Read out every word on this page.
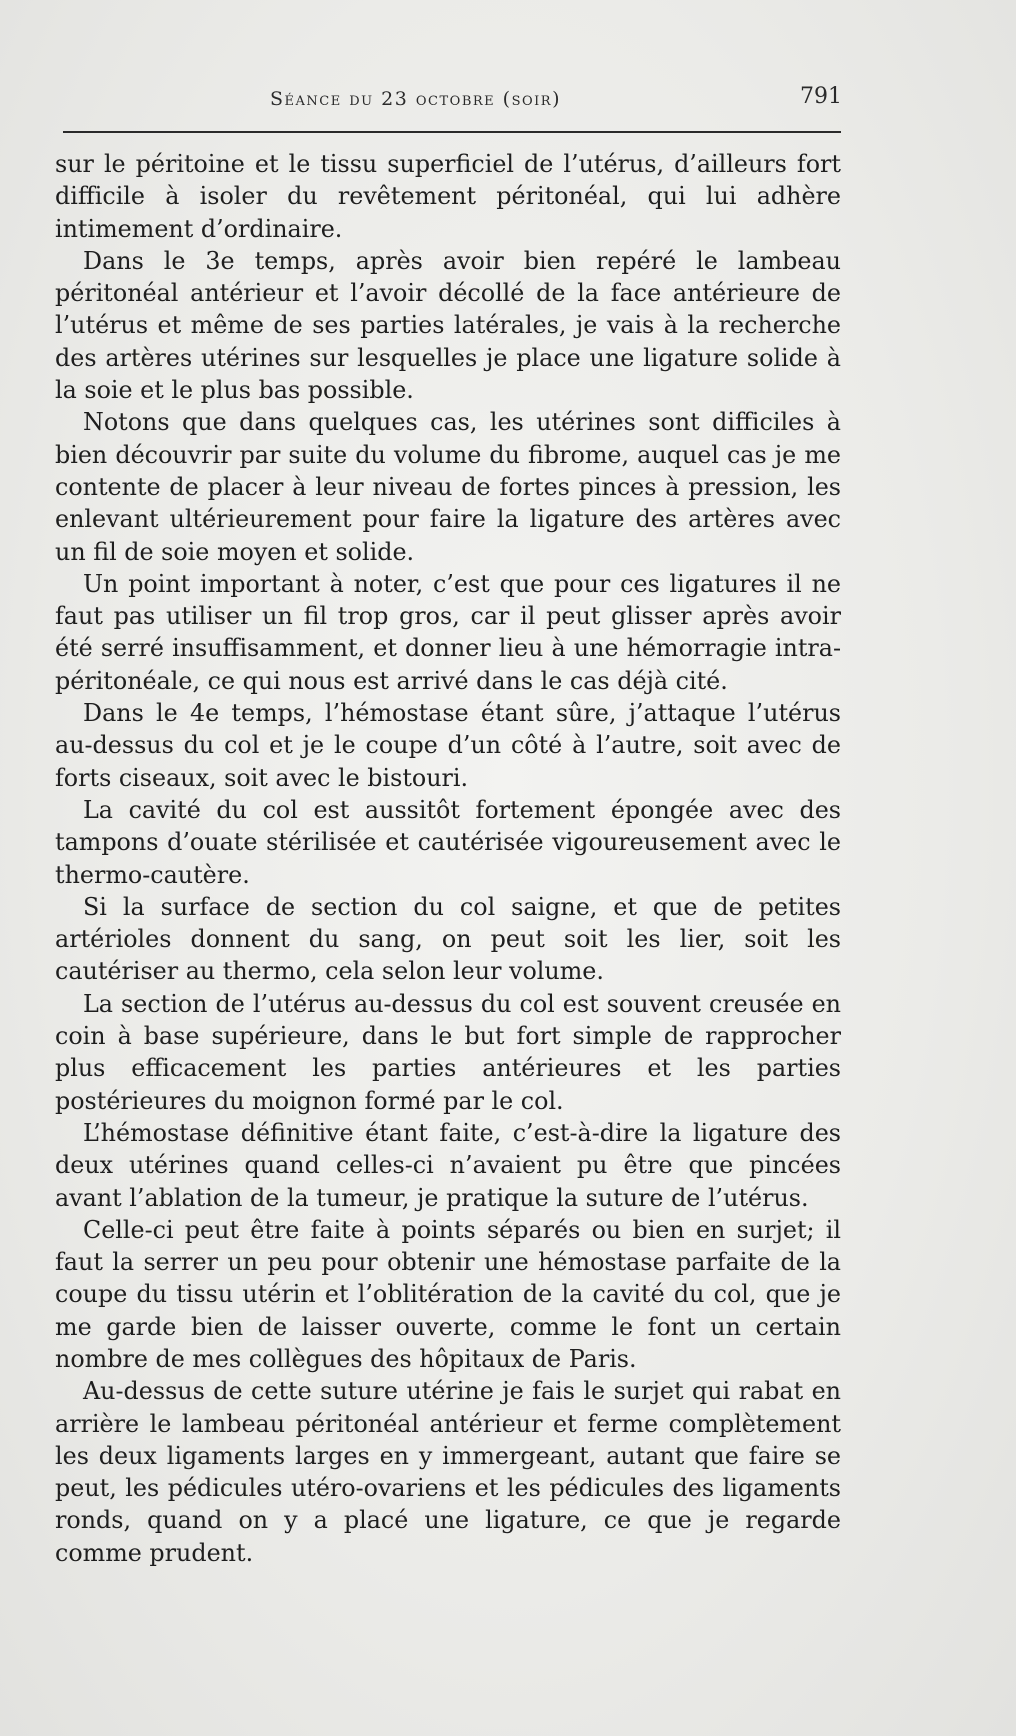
Séance du 23 octobre (soir)	791

sur le péritoine et le tissu superficiel de l’utérus, d’ailleurs fort difficile à isoler du revêtement péritonéal, qui lui adhère intimement d’ordinaire.

Dans le 3e temps, après avoir bien repéré le lambeau péritonéal antérieur et l’avoir décollé de la face antérieure de l’utérus et même de ses parties latérales, je vais à la recherche des artères utérines sur lesquelles je place une ligature solide à la soie et le plus bas possible.

Notons que dans quelques cas, les utérines sont difficiles à bien découvrir par suite du volume du fibrome, auquel cas je me contente de placer à leur niveau de fortes pinces à pression, les enlevant ultérieurement pour faire la ligature des artères avec un fil de soie moyen et solide.

Un point important à noter, c’est que pour ces ligatures il ne faut pas utiliser un fil trop gros, car il peut glisser après avoir été serré insuffisamment, et donner lieu à une hémorragie intra-péritonéale, ce qui nous est arrivé dans le cas déjà cité.

Dans le 4e temps, l’hémostase étant sûre, j’attaque l’utérus au-dessus du col et je le coupe d’un côté à l’autre, soit avec de forts ciseaux, soit avec le bistouri.

La cavité du col est aussitôt fortement épongée avec des tampons d’ouate stérilisée et cautérisée vigoureusement avec le thermo-cautère.

Si la surface de section du col saigne, et que de petites artérioles donnent du sang, on peut soit les lier, soit les cautériser au thermo, cela selon leur volume.

La section de l’utérus au-dessus du col est souvent creusée en coin à base supérieure, dans le but fort simple de rapprocher plus efficacement les parties antérieures et les parties postérieures du moignon formé par le col.

L’hémostase définitive étant faite, c’est-à-dire la ligature des deux utérines quand celles-ci n’avaient pu être que pincées avant l’ablation de la tumeur, je pratique la suture de l’utérus.

Celle-ci peut être faite à points séparés ou bien en surjet; il faut la serrer un peu pour obtenir une hémostase parfaite de la coupe du tissu utérin et l’oblitération de la cavité du col, que je me garde bien de laisser ouverte, comme le font un certain nombre de mes collègues des hôpitaux de Paris.

Au-dessus de cette suture utérine je fais le surjet qui rabat en arrière le lambeau péritonéal antérieur et ferme complètement les deux ligaments larges en y immergeant, autant que faire se peut, les pédicules utéro-ovariens et les pédicules des ligaments ronds, quand on y a placé une ligature, ce que je regarde comme prudent.
